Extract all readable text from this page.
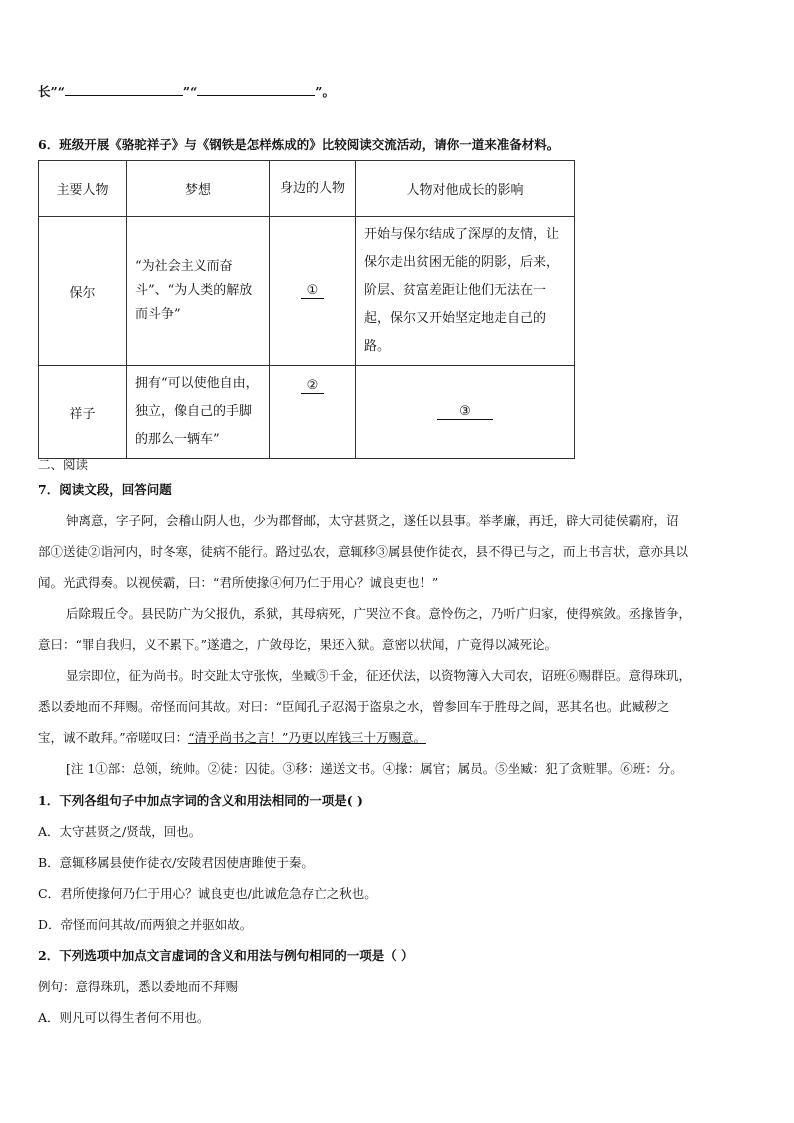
长”“	”“	”。
6．班级开展《骆驼祥子》与《钢铁是怎样炼成的》比较阅读交流活动，请你一道来准备材料。
主要人物	梦想	身边的人物	人物对他成长的影响
保尔	“为社会主义而奋斗”、“为人类的解放而斗争”	①	开始与保尔结成了深厚的友情，让保尔走出贫困无能的阴影，后来，阶层、贫富差距让他们无法在一起，保尔又开始坚定地走自己的路。
祥子	拥有“可以使他自由，独立，像自己的手脚的那么一辆车”	②	③
二、阅读
7．阅读文段，回答问题
钟离意，字子阿，会稽山阴人也，少为郡督邮，太守甚贤之，遂任以县事。举孝廉，再迁，辟大司徒侯霸府，诏
部①送徒②诣河内，时冬寒，徒病不能行。路过弘农，意辄移③属县使作徒衣，县不得已与之，而上书言状，意亦具以
闻。光武得奏。以视侯霸，曰：“君所使掾④何乃仁于用心？诚良吏也！”
后除瑕丘令。县民防广为父报仇，系狱，其母病死，广哭泣不食。意怜伤之，乃听广归家，使得殡敛。丞掾皆争，
意曰：“罪自我归，义不累下。”遂遣之，广敛母讫，果还入狱。意密以状闻，广竟得以减死论。
显宗即位，征为尚书。时交趾太守张恢，坐臧⑤千金，征还伏法，以资物簿入大司农，诏班⑥赐群臣。意得珠玑，
悉以委地而不拜赐。帝怪而问其故。对曰：“臣闻孔子忍渴于盗泉之水，曾参回车于胜母之闾，恶其名也。此臧秽之
宝，诚不敢拜。”帝嗟叹曰：“清乎尚书之言！”乃更以库钱三十万赐意。
[注 1①部：总领，统帅。②徒：囚徒。③移：递送文书。④掾：属官；属员。⑤坐臧：犯了贪赃罪。⑥班：分。
1．下列各组句子中加点字词的含义和用法相同的一项是( )
A．太守甚贤之/贤哉，回也。
B．意辄移属县使作徒衣/安陵君因使唐雎使于秦。
C．君所使掾何乃仁于用心？诚良吏也/此诚危急存亡之秋也。
D．帝怪而问其故/而两狼之并驱如故。
2．下列选项中加点文言虚词的含义和用法与例句相同的一项是（ ）
例句：意得珠玑，悉以委地而不拜赐
A．则凡可以得生者何不用也。
